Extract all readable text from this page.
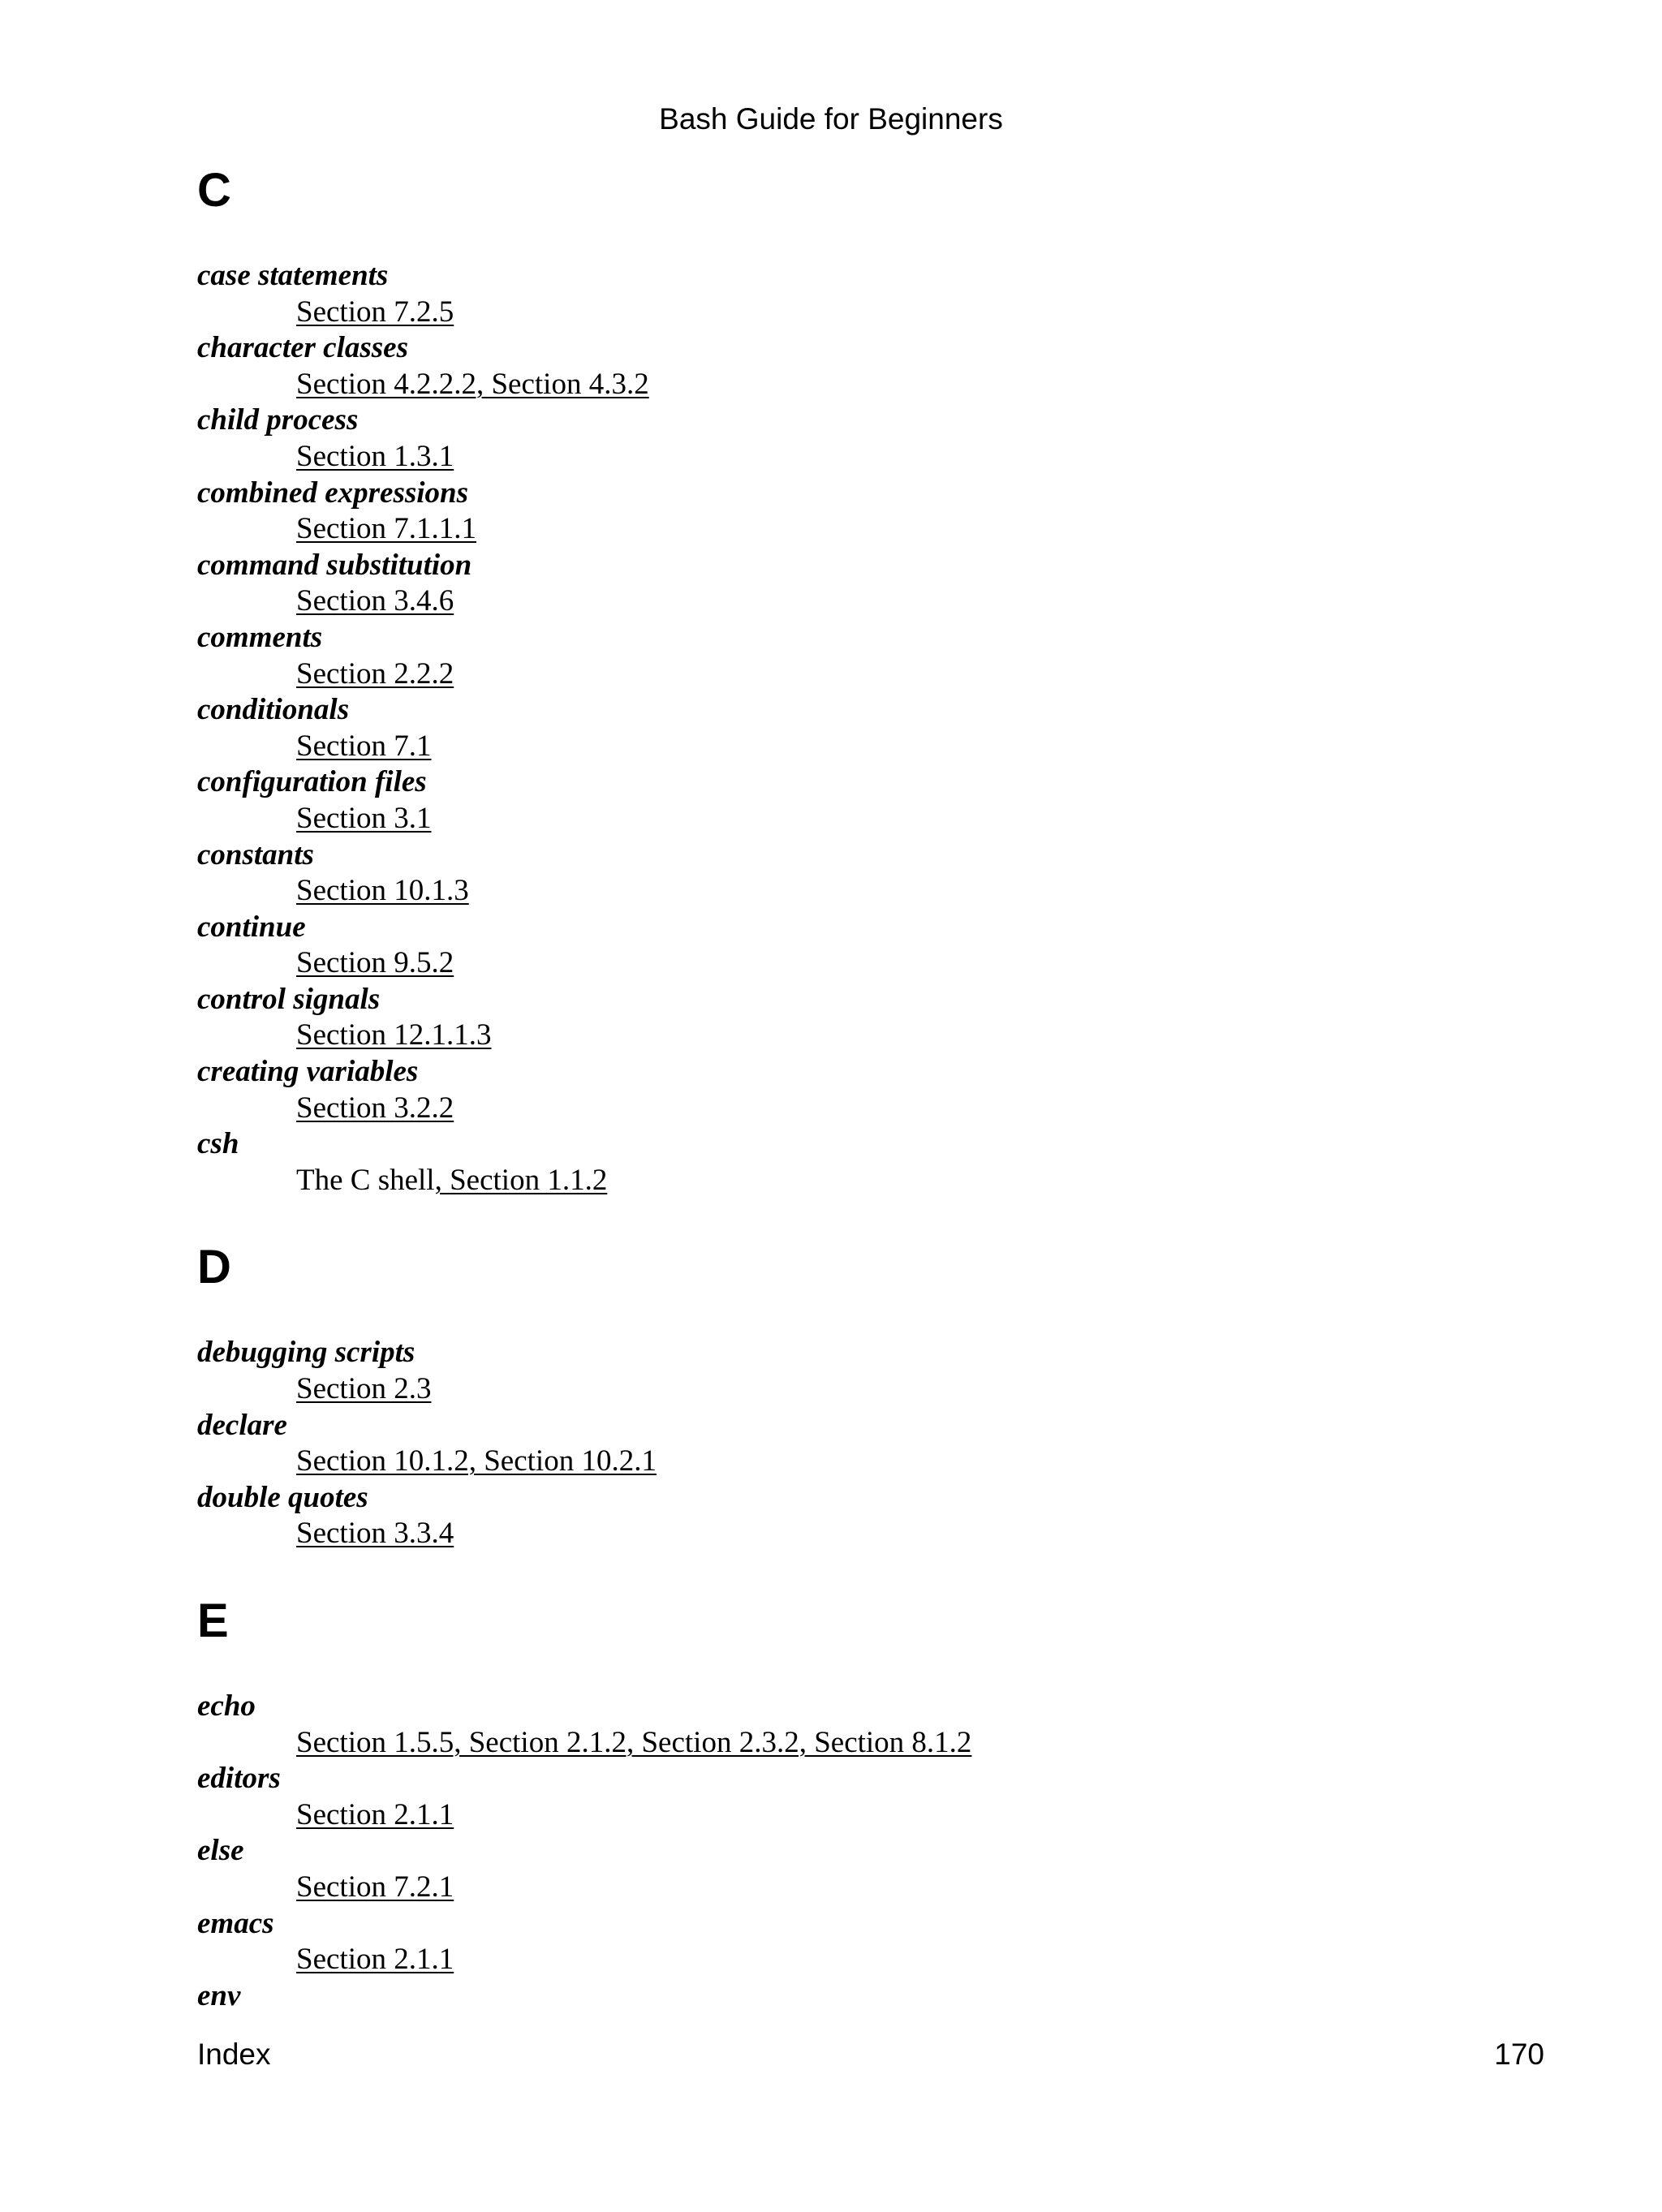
Bash Guide for Beginners
C
case statements
Section 7.2.5
character classes
Section 4.2.2.2, Section 4.3.2
child process
Section 1.3.1
combined expressions
Section 7.1.1.1
command substitution
Section 3.4.6
comments
Section 2.2.2
conditionals
Section 7.1
configuration files
Section 3.1
constants
Section 10.1.3
continue
Section 9.5.2
control signals
Section 12.1.1.3
creating variables
Section 3.2.2
csh
The C shell, Section 1.1.2
D
debugging scripts
Section 2.3
declare
Section 10.1.2, Section 10.2.1
double quotes
Section 3.3.4
E
echo
Section 1.5.5, Section 2.1.2, Section 2.3.2, Section 8.1.2
editors
Section 2.1.1
else
Section 7.2.1
emacs
Section 2.1.1
env
Index	170
